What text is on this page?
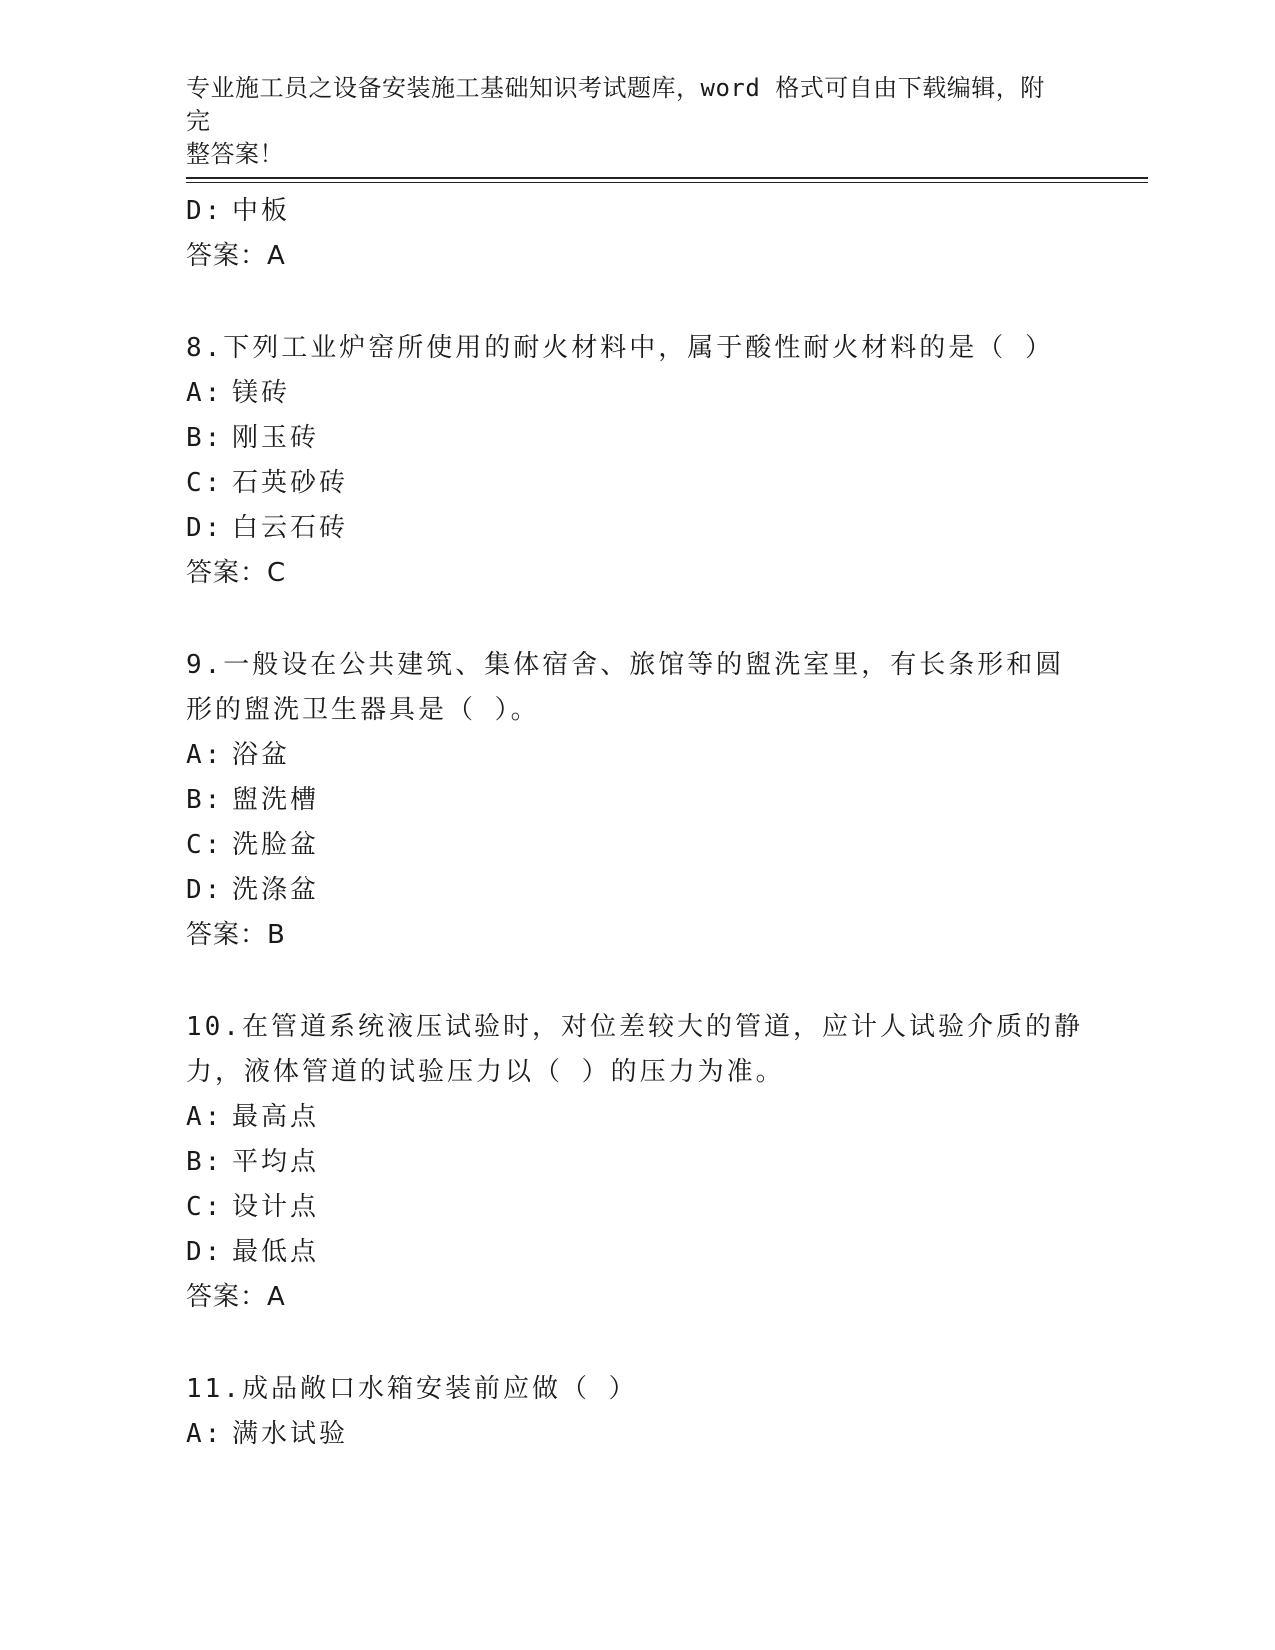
专业施工员之设备安装施工基础知识考试题库，word 格式可自由下载编辑，附完
整答案！
D: 中板
答案：A
8.下列工业炉窑所使用的耐火材料中，属于酸性耐火材料的是（ ）
A: 镁砖
B: 刚玉砖
C: 石英砂砖
D: 白云石砖
答案：C
9.一般设在公共建筑、集体宿舍、旅馆等的盥洗室里，有长条形和圆
形的盥洗卫生器具是（ ）。
A: 浴盆
B: 盥洗槽
C: 洗脸盆
D: 洗涤盆
答案：B
10.在管道系统液压试验时，对位差较大的管道，应计人试验介质的静
力，液体管道的试验压力以（ ）的压力为准。
A: 最高点
B: 平均点
C: 设计点
D: 最低点
答案：A
11.成品敞口水箱安装前应做（ ）
A: 满水试验
